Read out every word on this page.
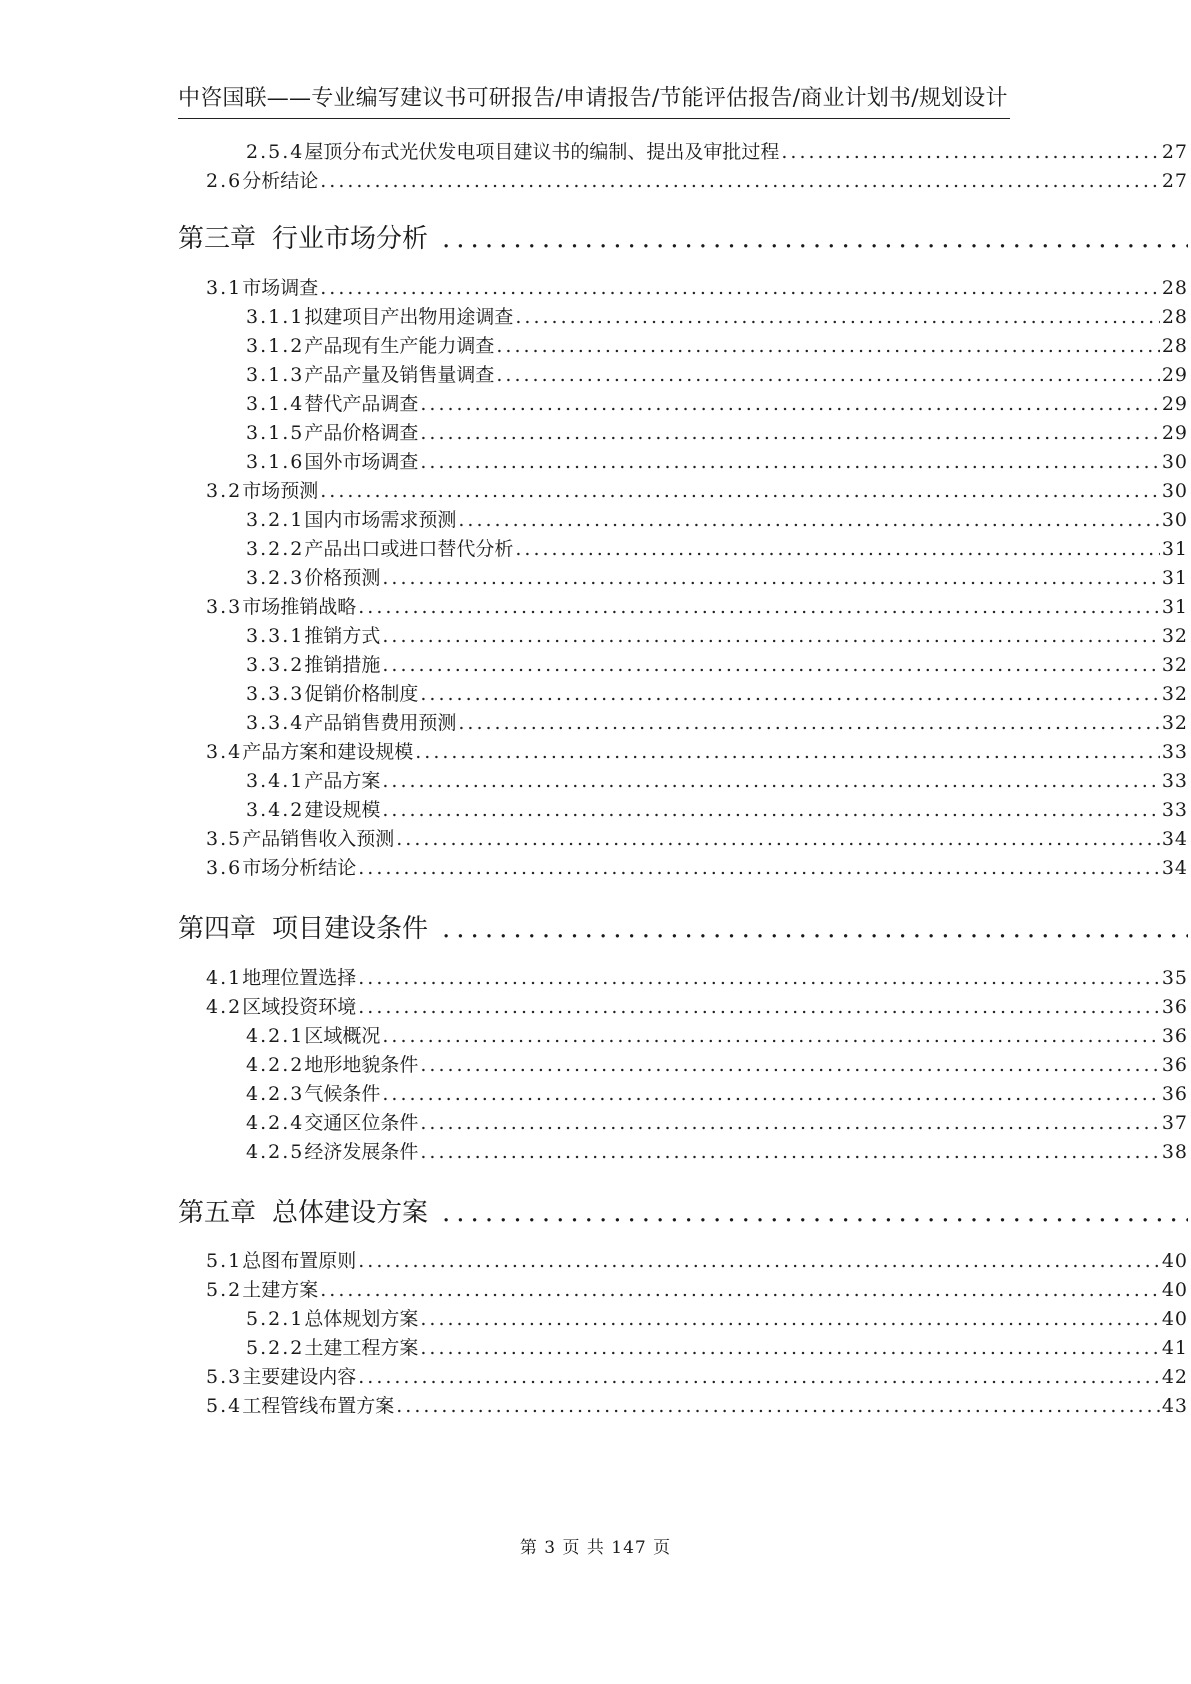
中咨国联——专业编写建议书可研报告/申请报告/节能评估报告/商业计划书/规划设计
2.5.4 屋顶分布式光伏发电项目建议书的编制、提出及审批过程 .....	27
2.6 分析结论 .....	27
第三章 行业市场分析
.....
3.1 市场调查 .....	28
3.1.1 拟建项目产出物用途调查 .....	28
3.1.2 产品现有生产能力调查 .....	28
3.1.3 产品产量及销售量调查 .....	29
3.1.4 替代产品调查 .....	29
3.1.5 产品价格调查 .....	29
3.1.6 国外市场调查 .....	30
3.2 市场预测 .....	30
3.2.1 国内市场需求预测 .....	30
3.2.2 产品出口或进口替代分析 .....	31
3.2.3 价格预测 .....	31
3.3 市场推销战略 .....	31
3.3.1 推销方式 .....	32
3.3.2 推销措施 .....	32
3.3.3 促销价格制度 .....	32
3.3.4 产品销售费用预测 .....	32
3.4 产品方案和建设规模 .....	33
3.4.1 产品方案 .....	33
3.4.2 建设规模 .....	33
3.5 产品销售收入预测 .....	34
3.6 市场分析结论 .....	34
第四章 项目建设条件
.....
4.1 地理位置选择 .....	35
4.2 区域投资环境 .....	36
4.2.1 区域概况 .....	36
4.2.2 地形地貌条件 .....	36
4.2.3 气候条件 .....	36
4.2.4 交通区位条件 .....	37
4.2.5 经济发展条件 .....	38
第五章 总体建设方案
.....
5.1 总图布置原则 .....	40
5.2 土建方案 .....	40
5.2.1 总体规划方案 .....	40
5.2.2 土建工程方案 .....	41
5.3 主要建设内容 .....	42
5.4 工程管线布置方案 .....	43
第 3 页 共 147 页
